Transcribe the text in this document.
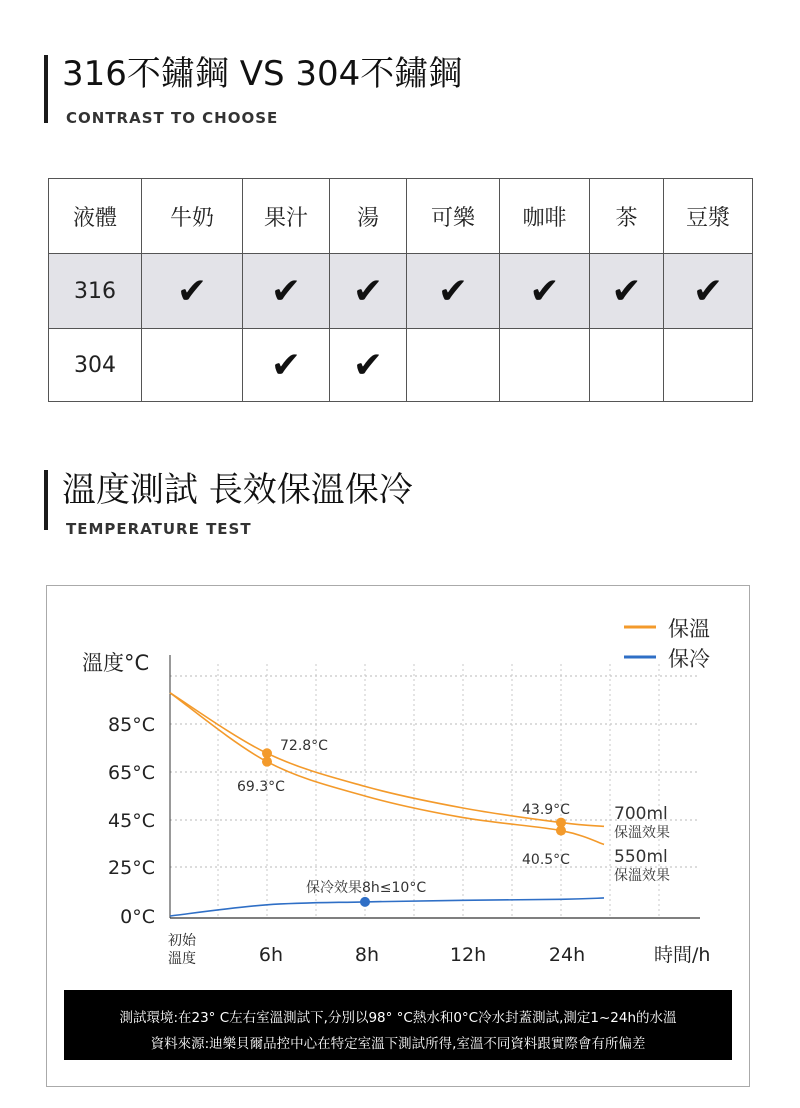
316不鏽鋼 VS 304不鏽鋼
CONTRAST TO CHOOSE
液體	牛奶	果汁	湯	可樂	咖啡	茶	豆漿
316	✔	✔	✔	✔	✔	✔	✔
304		✔	✔				
溫度測試 長效保溫保冷
TEMPERATURE TEST
溫度°C
時間/h
0°C
25°C
45°C
65°C
85°C
6h	8h	12h	24h
初始
溫度
保溫
保冷
72.8°C
69.3°C
43.9°C
40.5°C
保冷效果8h≤10°C
700ml
保溫效果
550ml
保溫效果
測試環境:在23° C左右室溫測試下,分別以98° °C熱水和0°C冷水封蓋測試,測定1~24h的水溫
資料來源:迪樂貝爾品控中心在特定室溫下測試所得,室溫不同資料跟實際會有所偏差
